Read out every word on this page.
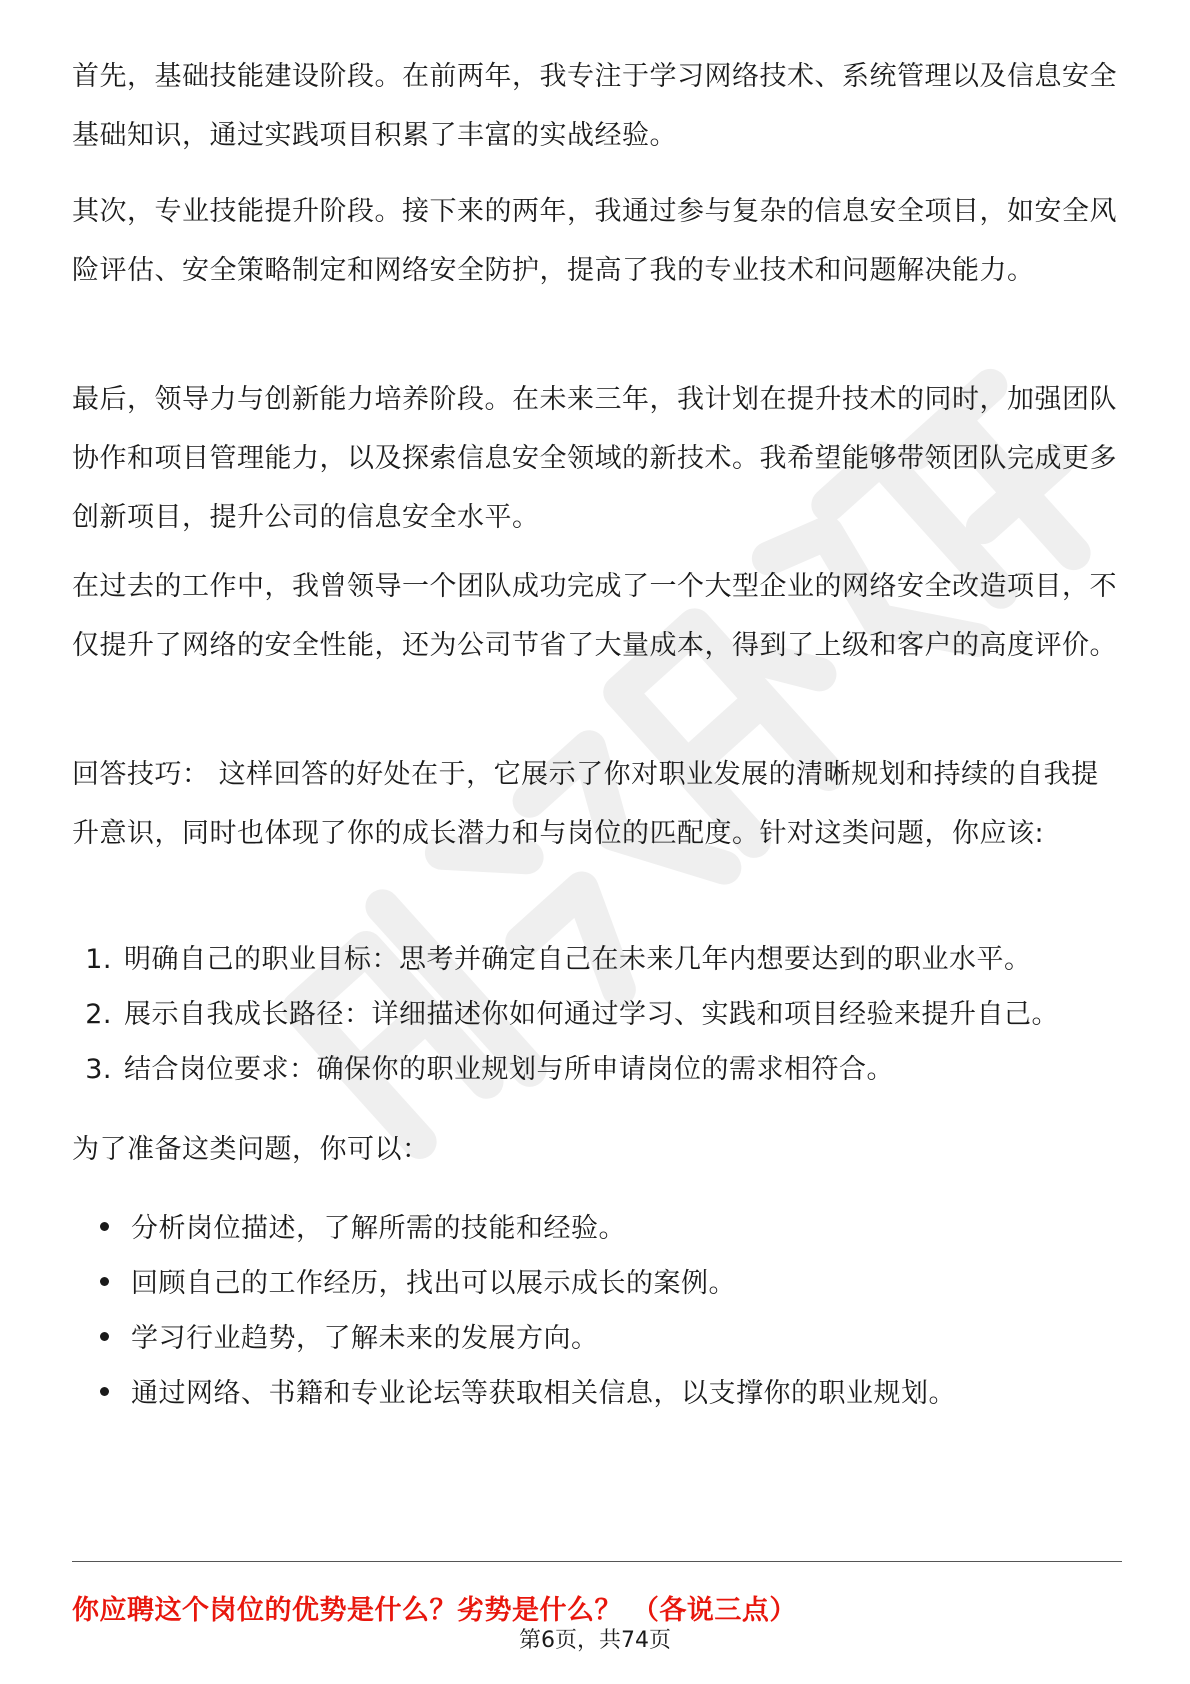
首先，基础技能建设阶段。在前两年，我专注于学习网络技术、系统管理以及信息安全基础知识，通过实践项目积累了丰富的实战经验。

其次，专业技能提升阶段。接下来的两年，我通过参与复杂的信息安全项目，如安全风险评估、安全策略制定和网络安全防护，提高了我的专业技术和问题解决能力。

最后，领导力与创新能力培养阶段。在未来三年，我计划在提升技术的同时，加强团队协作和项目管理能力，以及探索信息安全领域的新技术。我希望能够带领团队完成更多创新项目，提升公司的信息安全水平。

在过去的工作中，我曾领导一个团队成功完成了一个大型企业的网络安全改造项目，不仅提升了网络的安全性能，还为公司节省了大量成本，得到了上级和客户的高度评价。

回答技巧： 这样回答的好处在于，它展示了你对职业发展的清晰规划和持续的自我提升意识，同时也体现了你的成长潜力和与岗位的匹配度。针对这类问题，你应该:

1. 明确自己的职业目标：思考并确定自己在未来几年内想要达到的职业水平。
2. 展示自我成长路径：详细描述你如何通过学习、实践和项目经验来提升自己。
3. 结合岗位要求：确保你的职业规划与所申请岗位的需求相符合。

为了准备这类问题，你可以：

分析岗位描述，了解所需的技能和经验。
回顾自己的工作经历，找出可以展示成长的案例。
学习行业趋势，了解未来的发展方向。
通过网络、书籍和专业论坛等获取相关信息，以支撑你的职业规划。
你应聘这个岗位的优势是什么？劣势是什么？ （各说三点）
第6页，共74页
